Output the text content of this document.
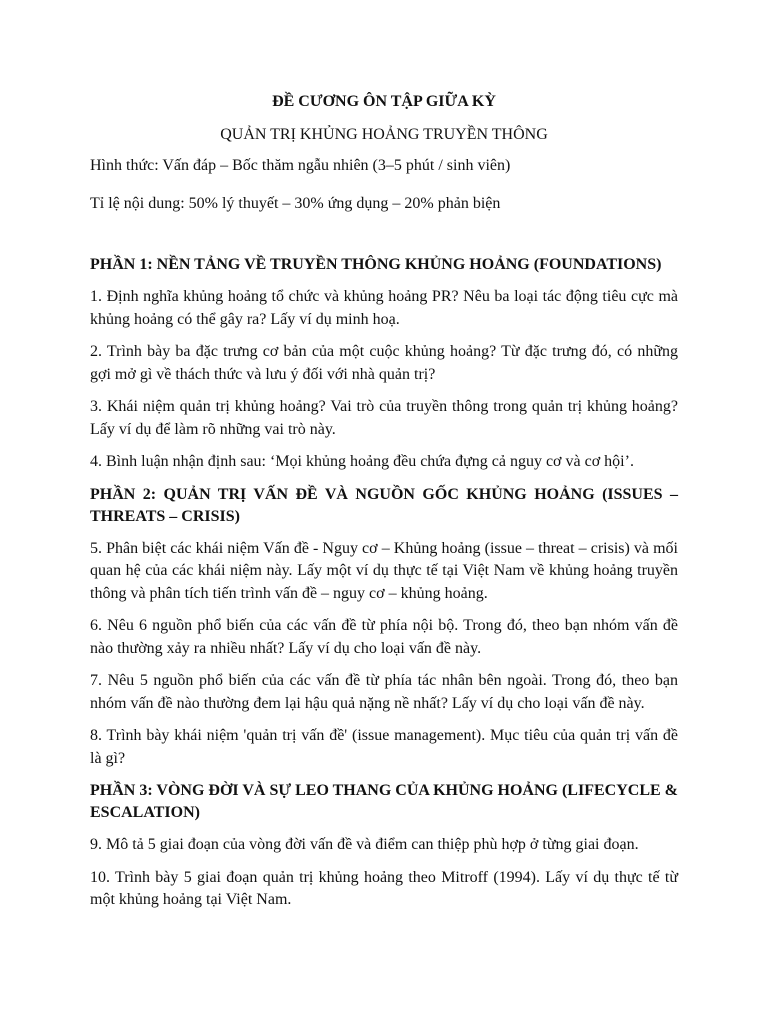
ĐỀ CƯƠNG ÔN TẬP GIỮA KỲ
QUẢN TRỊ KHỦNG HOẢNG TRUYỀN THÔNG
Hình thức: Vấn đáp – Bốc thăm ngẫu nhiên (3–5 phút / sinh viên)
Tỉ lệ nội dung: 50% lý thuyết – 30% ứng dụng – 20% phản biện
PHẦN 1: NỀN TẢNG VỀ TRUYỀN THÔNG KHỦNG HOẢNG (FOUNDATIONS)
1. Định nghĩa khủng hoảng tổ chức và khủng hoảng PR? Nêu ba loại tác động tiêu cực mà khủng hoảng có thể gây ra? Lấy ví dụ minh hoạ.
2. Trình bày ba đặc trưng cơ bản của một cuộc khủng hoảng? Từ đặc trưng đó, có những gợi mở gì về thách thức và lưu ý đối với nhà quản trị?
3. Khái niệm quản trị khủng hoảng? Vai trò của truyền thông trong quản trị khủng hoảng? Lấy ví dụ để làm rõ những vai trò này.
4. Bình luận nhận định sau: ‘Mọi khủng hoảng đều chứa đựng cả nguy cơ và cơ hội’.
PHẦN 2: QUẢN TRỊ VẤN ĐỀ VÀ NGUỒN GỐC KHỦNG HOẢNG (ISSUES – THREATS – CRISIS)
5. Phân biệt các khái niệm Vấn đề - Nguy cơ – Khủng hoảng (issue – threat – crisis) và mối quan hệ của các khái niệm này. Lấy một ví dụ thực tế tại Việt Nam về khủng hoảng truyền thông và phân tích tiến trình vấn đề – nguy cơ – khủng hoảng.
6. Nêu 6 nguồn phổ biến của các vấn đề từ phía nội bộ. Trong đó, theo bạn nhóm vấn đề nào thường xảy ra nhiều nhất? Lấy ví dụ cho loại vấn đề này.
7. Nêu 5 nguồn phổ biến của các vấn đề từ phía tác nhân bên ngoài. Trong đó, theo bạn nhóm vấn đề nào thường đem lại hậu quả nặng nề nhất? Lấy ví dụ cho loại vấn đề này.
8. Trình bày khái niệm 'quản trị vấn đề' (issue management). Mục tiêu của quản trị vấn đề là gì?
PHẦN 3: VÒNG ĐỜI VÀ SỰ LEO THANG CỦA KHỦNG HOẢNG (LIFECYCLE & ESCALATION)
9. Mô tả 5 giai đoạn của vòng đời vấn đề và điểm can thiệp phù hợp ở từng giai đoạn.
10. Trình bày 5 giai đoạn quản trị khủng hoảng theo Mitroff (1994). Lấy ví dụ thực tế từ một khủng hoảng tại Việt Nam.
